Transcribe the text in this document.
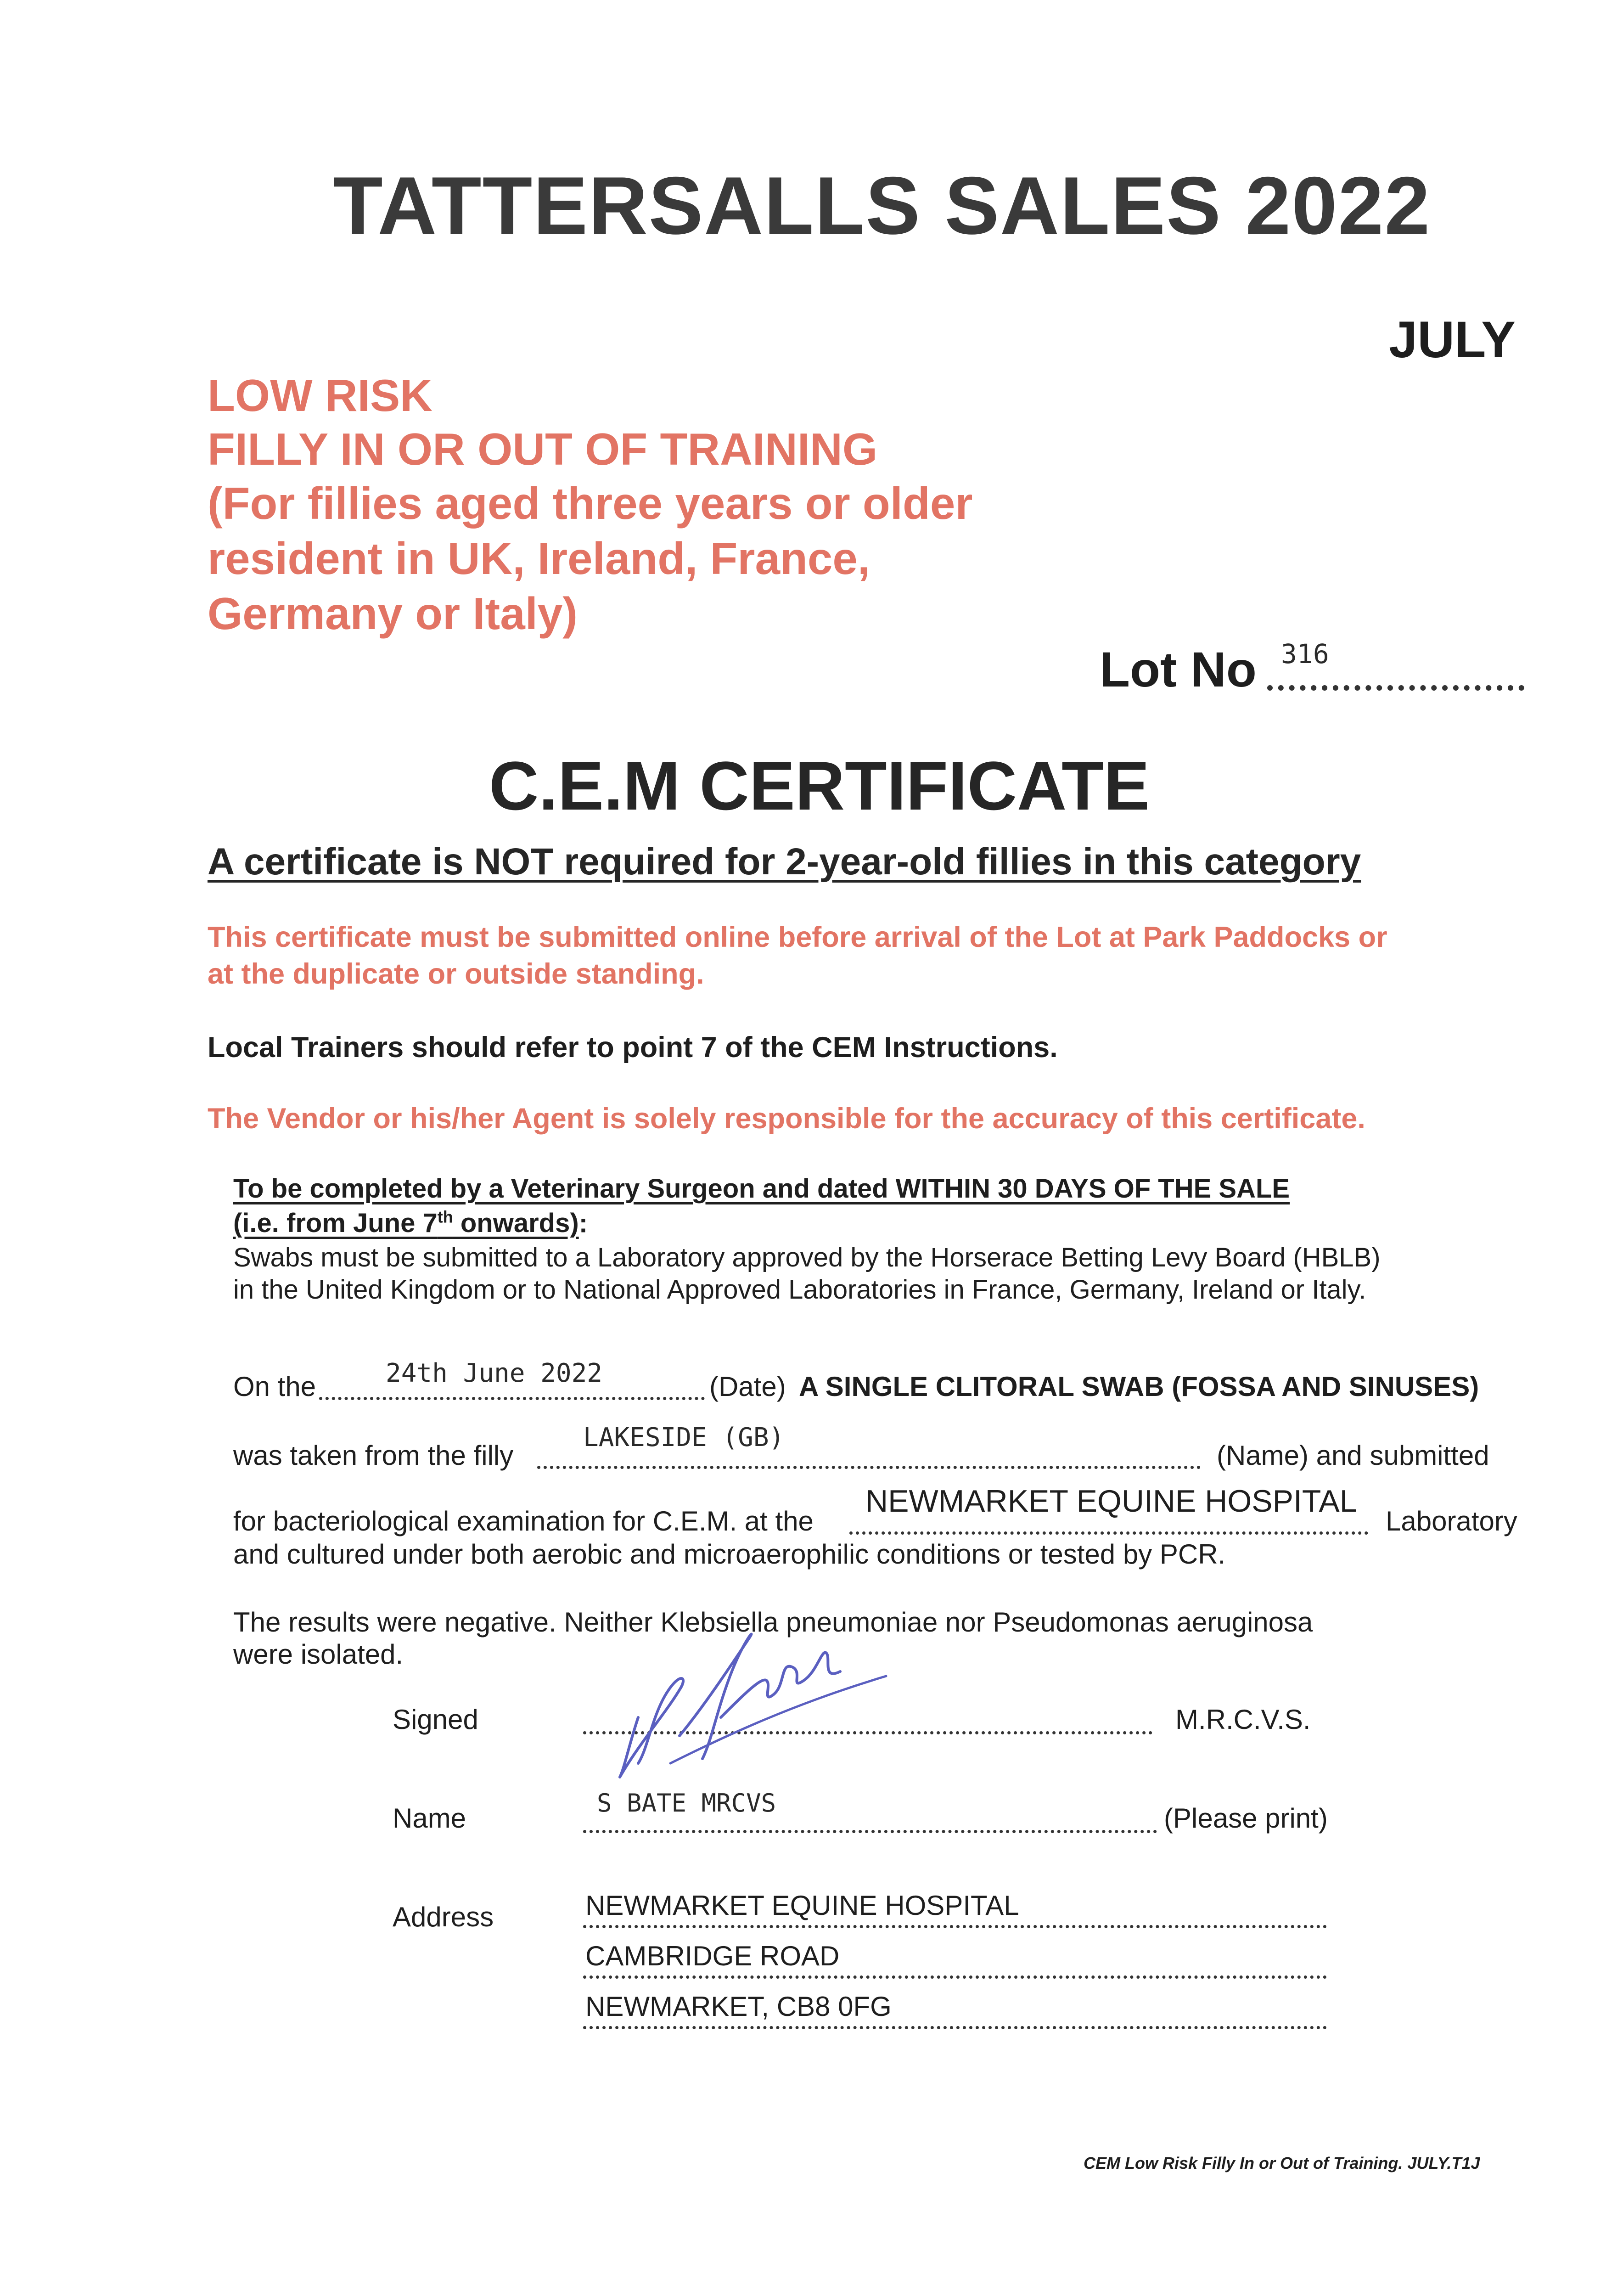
TATTERSALLS SALES 2022
JULY
LOW RISK
FILLY IN OR OUT OF TRAINING
(For fillies aged three years or older
resident in UK, Ireland, France,
Germany or Italy)
Lot No 316
C.E.M CERTIFICATE
A certificate is NOT required for 2-year-old fillies in this category
This certificate must be submitted online before arrival of the Lot at Park Paddocks or
at the duplicate or outside standing.
Local Trainers should refer to point 7 of the CEM Instructions.
The Vendor or his/her Agent is solely responsible for the accuracy of this certificate.
To be completed by a Veterinary Surgeon and dated WITHIN 30 DAYS OF THE SALE
(i.e. from June 7th onwards):
Swabs must be submitted to a Laboratory approved by the Horserace Betting Levy Board (HBLB)
in the United Kingdom or to National Approved Laboratories in France, Germany, Ireland or Italy.
On the	24th June 2022	(Date) A SINGLE CLITORAL SWAB (FOSSA AND SINUSES)
was taken from the filly
LAKESIDE (GB)
(Name) and submitted
for bacteriological examination for C.E.M. at the
NEWMARKET EQUINE HOSPITAL
Laboratory
and cultured under both aerobic and microaerophilic conditions or tested by PCR.
The results were negative. Neither Klebsiella pneumoniae nor Pseudomonas aeruginosa
were isolated.
Signed	M.R.C.V.S.
Name	S BATE MRCVS	(Please print)
Address	NEWMARKET EQUINE HOSPITAL
CAMBRIDGE ROAD
NEWMARKET, CB8 0FG
CEM Low Risk Filly In or Out of Training. JULY.T1J
